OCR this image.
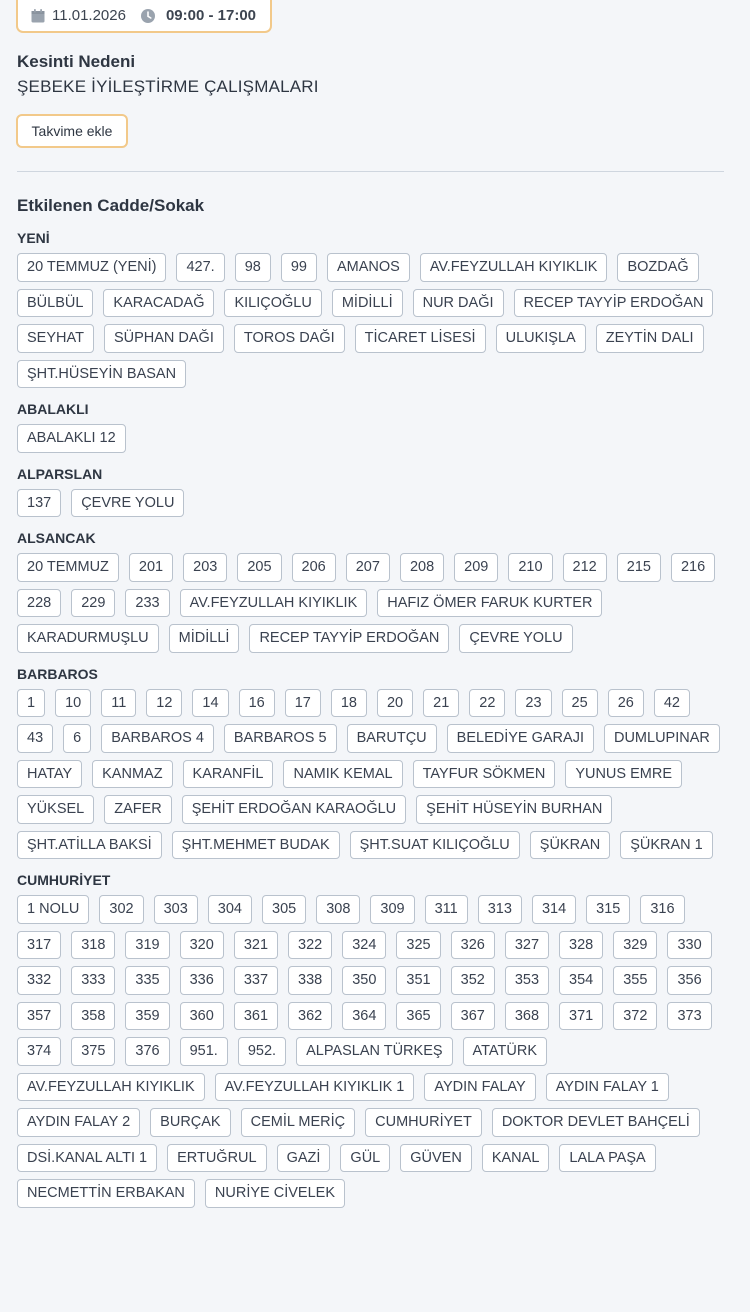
11.01.2026	09:00 - 17:00
Kesinti Nedeni
ŞEBEKE İYİLEŞTİRME ÇALIŞMALARI
Takvime ekle
Etkilenen Cadde/Sokak
YENİ
20 TEMMUZ (YENİ)	427.	98	99	AMANOS	AV.FEYZULLAH KIYIKLIK	BOZDAĞ
BÜLBÜL	KARACADAĞ	KILIÇOĞLU	MİDİLLİ	NUR DAĞI	RECEP TAYYİP ERDOĞAN
SEYHAT	SÜPHAN DAĞI	TOROS DAĞI	TİCARET LİSESİ	ULUKIŞLA	ZEYTİN DALI
ŞHT.HÜSEYİN BASAN
ABALAKLI
ABALAKLI 12
ALPARSLAN
137	ÇEVRE YOLU
ALSANCAK
20 TEMMUZ	201	203	205	206	207	208	209	210	212	215	216
228	229	233	AV.FEYZULLAH KIYIKLIK	HAFIZ ÖMER FARUK KURTER
KARADURMUŞLU	MİDİLLİ	RECEP TAYYİP ERDOĞAN	ÇEVRE YOLU
BARBAROS
1	10	11	12	14	16	17	18	20	21	22	23	25	26	42
43	6	BARBAROS 4	BARBAROS 5	BARUTÇU	BELEDİYE GARAJI	DUMLUPINAR
HATAY	KANMAZ	KARANFİL	NAMIK KEMAL	TAYFUR SÖKMEN	YUNUS EMRE
YÜKSEL	ZAFER	ŞEHİT ERDOĞAN KARAOĞLU	ŞEHİT HÜSEYİN BURHAN
ŞHT.ATİLLA BAKSİ	ŞHT.MEHMET BUDAK	ŞHT.SUAT KILIÇOĞLU	ŞÜKRAN	ŞÜKRAN 1
CUMHURİYET
1 NOLU	302	303	304	305	308	309	311	313	314	315	316
317	318	319	320	321	322	324	325	326	327	328	329	330
332	333	335	336	337	338	350	351	352	353	354	355	356
357	358	359	360	361	362	364	365	367	368	371	372	373
374	375	376	951.	952.	ALPASLAN TÜRKEŞ	ATATÜRK
AV.FEYZULLAH KIYIKLIK	AV.FEYZULLAH KIYIKLIK 1	AYDIN FALAY	AYDIN FALAY 1
AYDIN FALAY 2	BURÇAK	CEMİL MERİÇ	CUMHURİYET	DOKTOR DEVLET BAHÇELİ
DSİ.KANAL ALTI 1	ERTUĞRUL	GAZİ	GÜL	GÜVEN	KANAL	LALA PAŞA
NECMETTİN ERBAKAN	NURİYE CİVELEK
